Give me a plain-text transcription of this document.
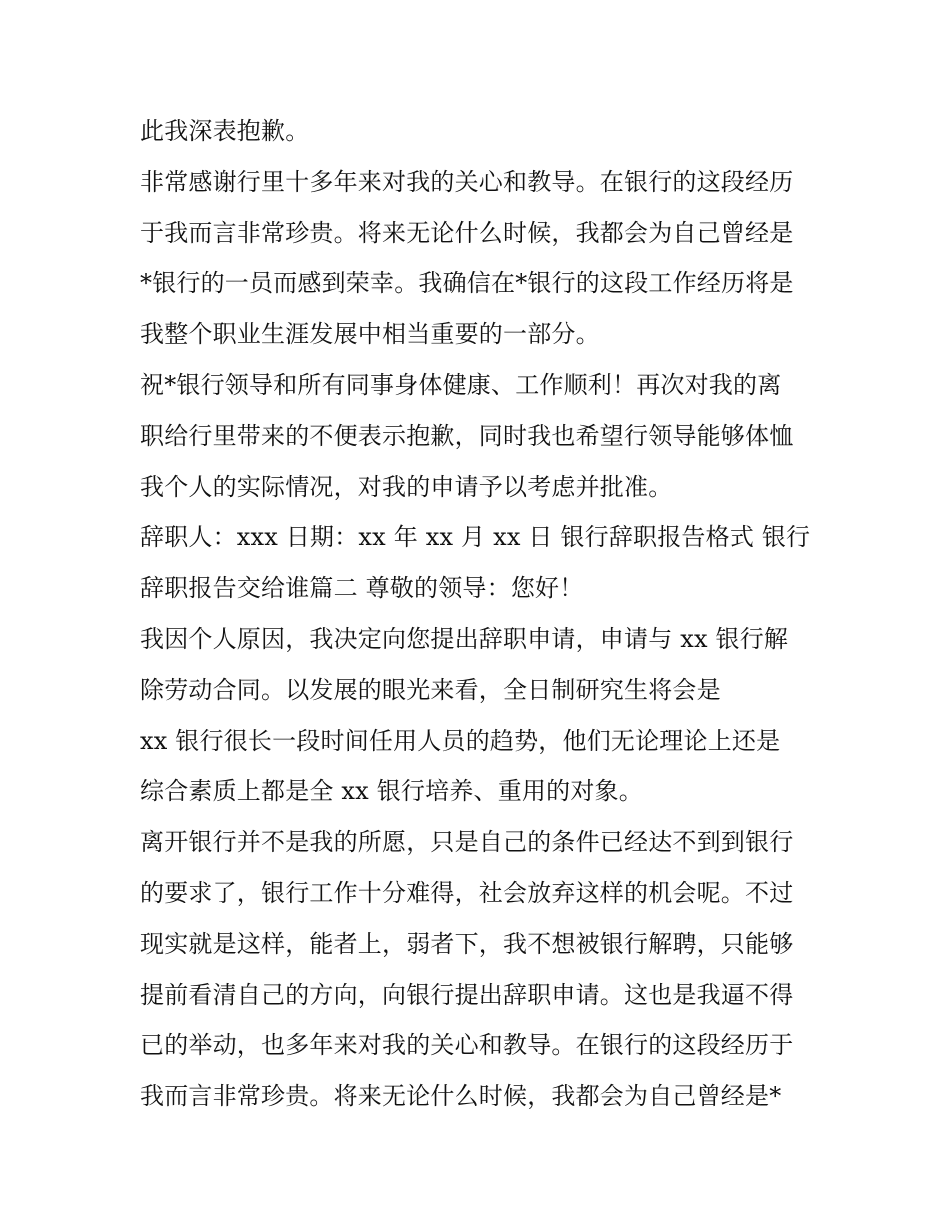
此我深表抱歉。
非常感谢行里十多年来对我的关心和教导。在银行的这段经历
于我而言非常珍贵。将来无论什么时候，我都会为自己曾经是
*银行的一员而感到荣幸。我确信在*银行的这段工作经历将是
我整个职业生涯发展中相当重要的一部分。
祝*银行领导和所有同事身体健康、工作顺利！再次对我的离
职给行里带来的不便表示抱歉，同时我也希望行领导能够体恤
我个人的实际情况，对我的申请予以考虑并批准。
辞职人：xxx 日期：xx 年 xx 月 xx 日 银行辞职报告格式 银行
辞职报告交给谁篇二 尊敬的领导：您好！
我因个人原因，我决定向您提出辞职申请，申请与 xx 银行解
除劳动合同。以发展的眼光来看，全日制研究生将会是
xx 银行很长一段时间任用人员的趋势，他们无论理论上还是
综合素质上都是全 xx 银行培养、重用的对象。
离开银行并不是我的所愿，只是自己的条件已经达不到到银行
的要求了，银行工作十分难得，社会放弃这样的机会呢。不过
现实就是这样，能者上，弱者下，我不想被银行解聘，只能够
提前看清自己的方向，向银行提出辞职申请。这也是我逼不得
已的举动，也多年来对我的关心和教导。在银行的这段经历于
我而言非常珍贵。将来无论什么时候，我都会为自己曾经是*
